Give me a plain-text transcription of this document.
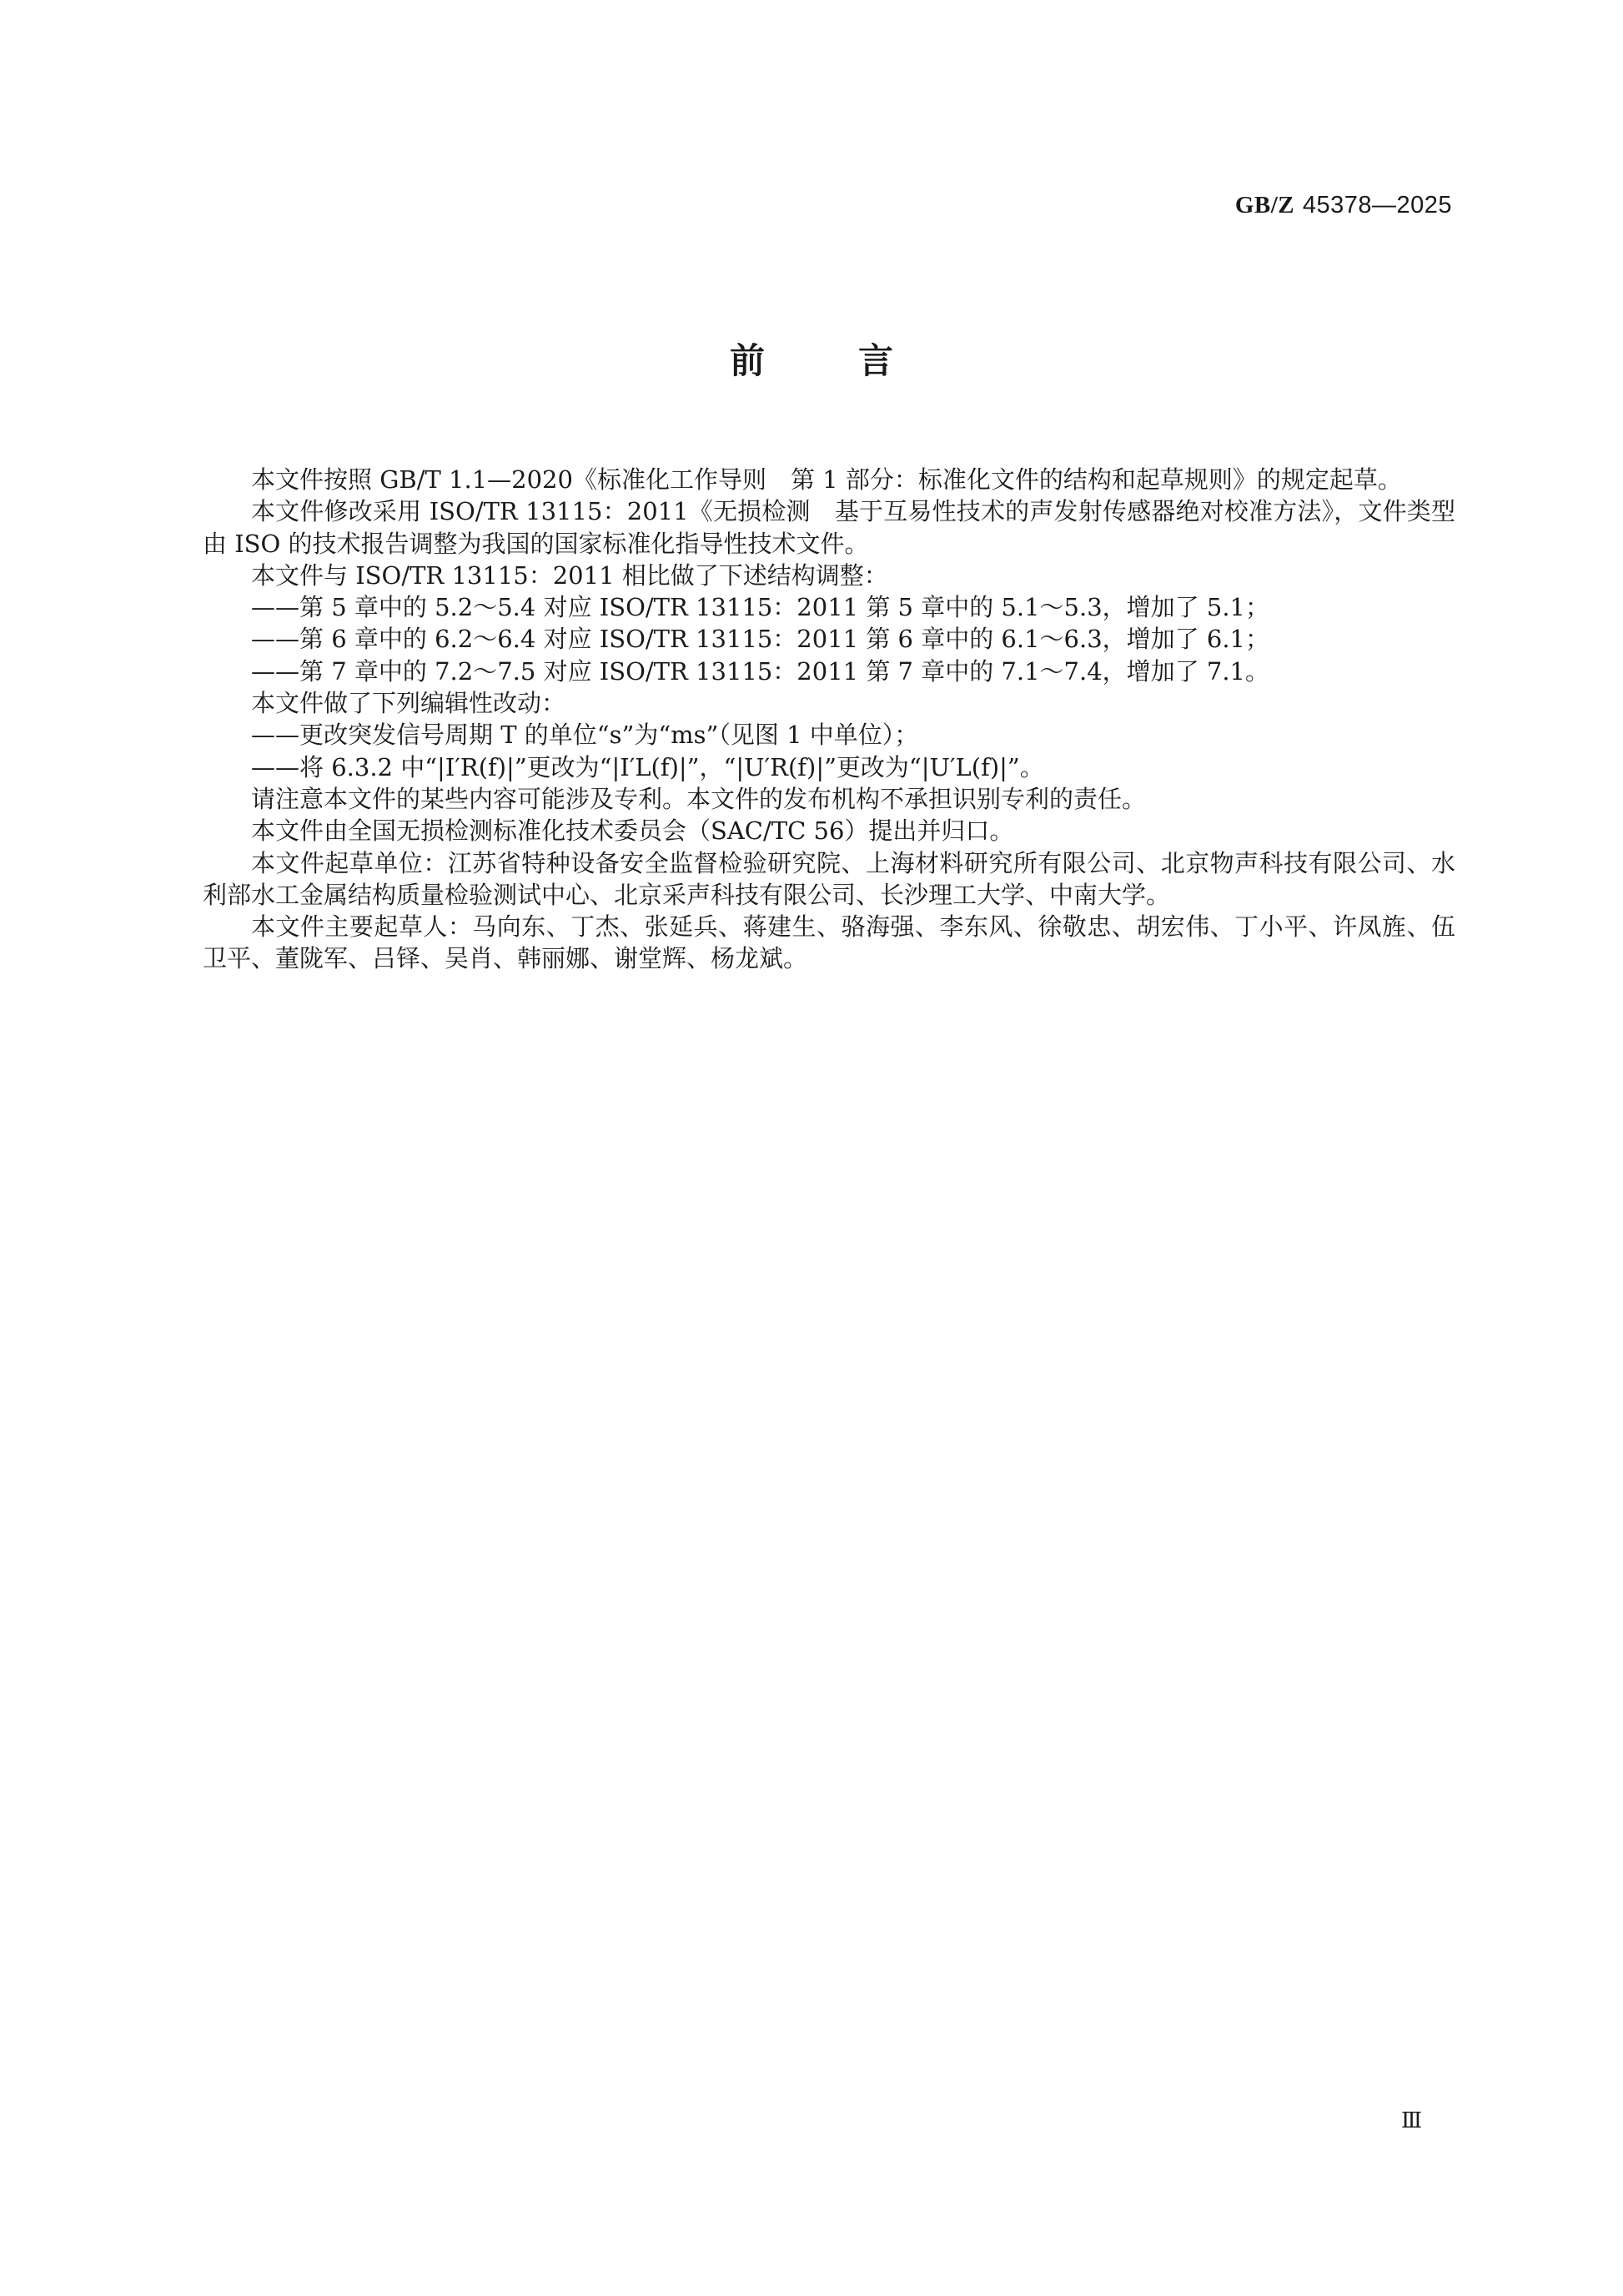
GB/Z 45378—2025
前言

本文件按照 GB/T 1.1—2020《标准化工作导则　第 1 部分：标准化文件的结构和起草规则》的规定起草。

本文件修改采用 ISO/TR 13115：2011《无损检测　基于互易性技术的声发射传感器绝对校准方法》，文件类型由 ISO 的技术报告调整为我国的国家标准化指导性技术文件。

本文件与 ISO/TR 13115：2011 相比做了下述结构调整：

——第 5 章中的 5.2～5.4 对应 ISO/TR 13115：2011 第 5 章中的 5.1～5.3，增加了 5.1；

——第 6 章中的 6.2～6.4 对应 ISO/TR 13115：2011 第 6 章中的 6.1～6.3，增加了 6.1；

——第 7 章中的 7.2～7.5 对应 ISO/TR 13115：2011 第 7 章中的 7.1～7.4，增加了 7.1。

本文件做了下列编辑性改动：

——更改突发信号周期 T 的单位“s”为“ms”（见图 1 中单位）；

——将 6.3.2 中“|I′R(f)|”更改为“|I′L(f)|”，“|U′R(f)|”更改为“|U′L(f)|”。

请注意本文件的某些内容可能涉及专利。本文件的发布机构不承担识别专利的责任。

本文件由全国无损检测标准化技术委员会（SAC/TC 56）提出并归口。

本文件起草单位：江苏省特种设备安全监督检验研究院、上海材料研究所有限公司、北京物声科技有限公司、水利部水工金属结构质量检验测试中心、北京采声科技有限公司、长沙理工大学、中南大学。

本文件主要起草人：马向东、丁杰、张延兵、蒋建生、骆海强、李东风、徐敬忠、胡宏伟、丁小平、许凤旌、伍卫平、董陇军、吕铎、吴肖、韩丽娜、谢堂辉、杨龙斌。

Ⅲ
